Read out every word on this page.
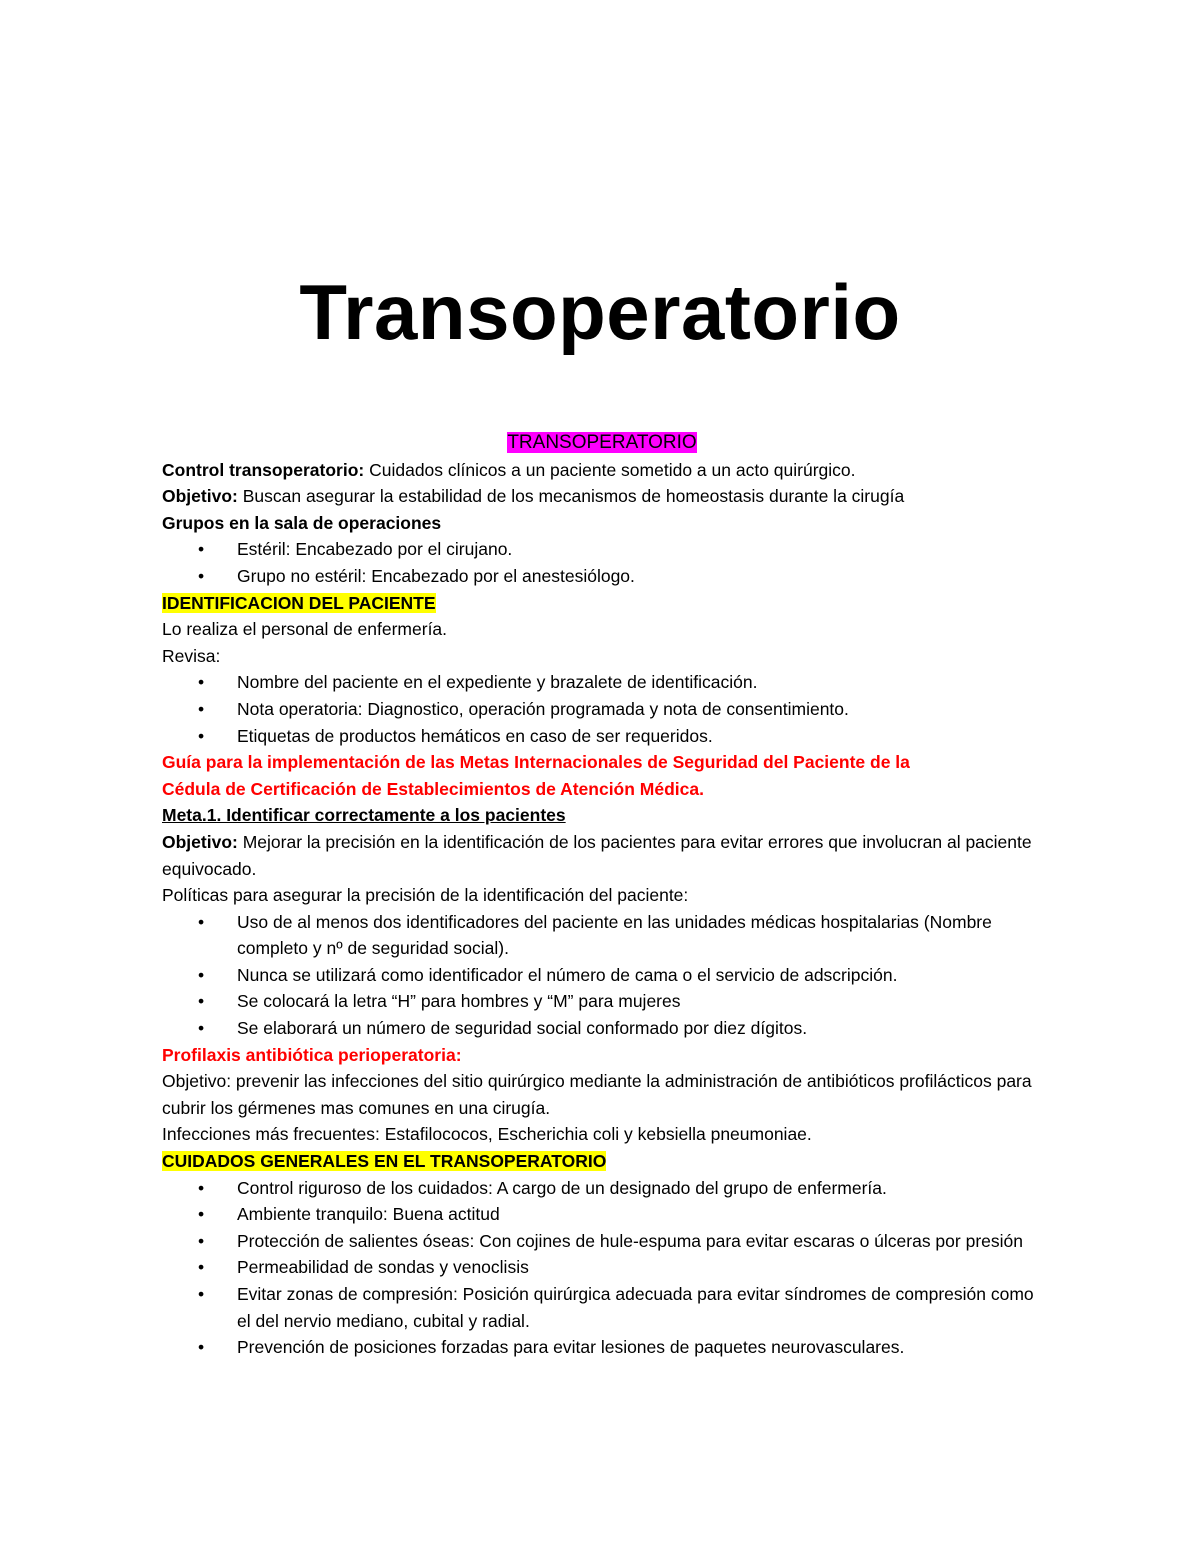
Transoperatorio

TRANSOPERATORIO

Control transoperatorio: Cuidados clínicos a un paciente sometido a un acto quirúrgico.

Objetivo: Buscan asegurar la estabilidad de los mecanismos de homeostasis durante la cirugía

Grupos en la sala de operaciones

• Estéril: Encabezado por el cirujano.
• Grupo no estéril: Encabezado por el anestesiólogo.

IDENTIFICACION DEL PACIENTE

Lo realiza el personal de enfermería.

Revisa:

• Nombre del paciente en el expediente y brazalete de identificación.
• Nota operatoria: Diagnostico, operación programada y nota de consentimiento.
• Etiquetas de productos hemáticos en caso de ser requeridos.

Guía para la implementación de las Metas Internacionales de Seguridad del Paciente de la

Cédula de Certificación de Establecimientos de Atención Médica.

Meta.1. Identificar correctamente a los pacientes

Objetivo: Mejorar la precisión en la identificación de los pacientes para evitar errores que involucran al paciente equivocado.

Políticas para asegurar la precisión de la identificación del paciente:

• Uso de al menos dos identificadores del paciente en las unidades médicas hospitalarias (Nombre completo y nº de seguridad social).
• Nunca se utilizará como identificador el número de cama o el servicio de adscripción.
• Se colocará la letra “H” para hombres y “M” para mujeres
• Se elaborará un número de seguridad social conformado por diez dígitos.

Profilaxis antibiótica perioperatoria:

Objetivo: prevenir las infecciones del sitio quirúrgico mediante la administración de antibióticos profilácticos para cubrir los gérmenes mas comunes en una cirugía.

Infecciones más frecuentes: Estafilococos, Escherichia coli y kebsiella pneumoniae.

CUIDADOS GENERALES EN EL TRANSOPERATORIO

• Control riguroso de los cuidados: A cargo de un designado del grupo de enfermería.
• Ambiente tranquilo: Buena actitud
• Protección de salientes óseas: Con cojines de hule-espuma para evitar escaras o úlceras por presión
• Permeabilidad de sondas y venoclisis
• Evitar zonas de compresión: Posición quirúrgica adecuada para evitar síndromes de compresión como el del nervio mediano, cubital y radial.
• Prevención de posiciones forzadas para evitar lesiones de paquetes neurovasculares.
